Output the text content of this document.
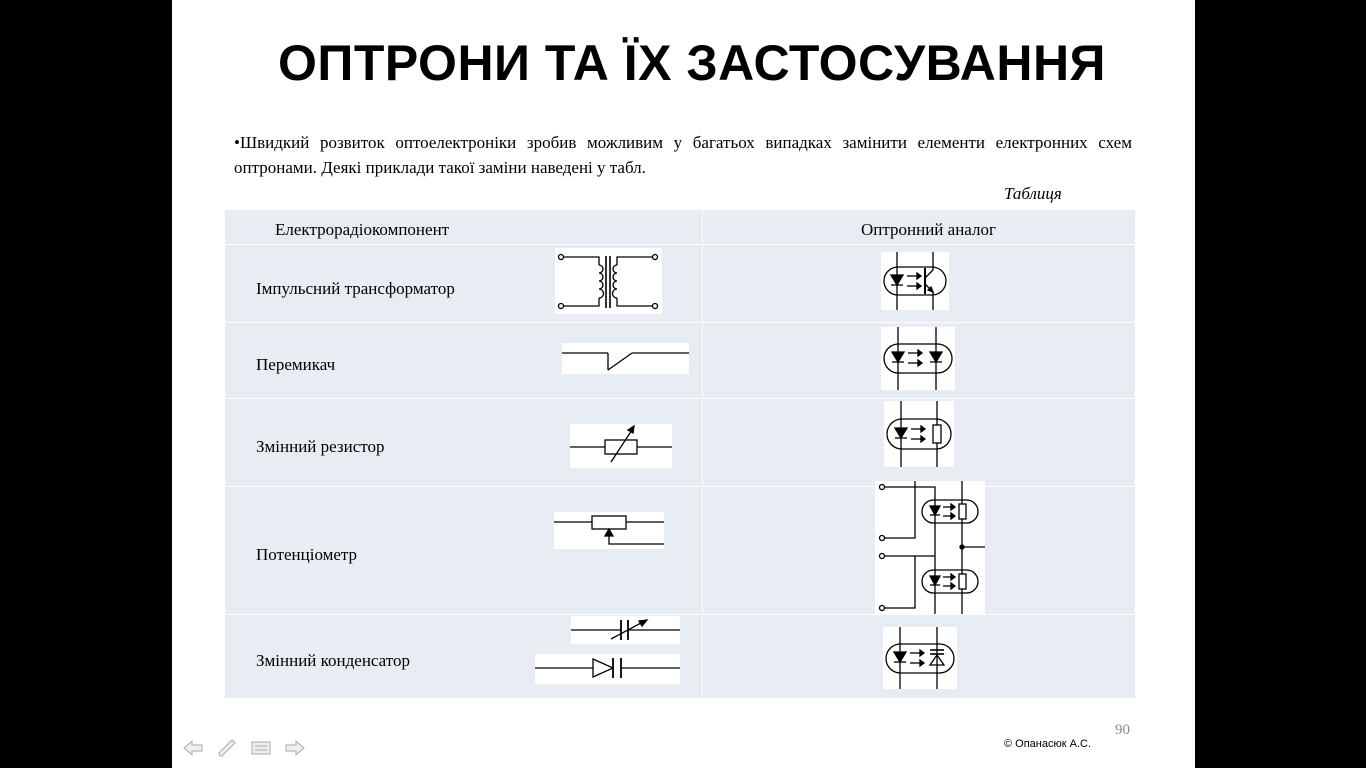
ОПТРОНИ ТА ЇХ ЗАСТОСУВАННЯ

•Швидкий розвиток оптоелектроніки зробив можливим у багатьох випадках замінити елементи електронних схем оптронами. Деякі приклади такої заміни наведені у табл.

Таблиця
Електрорадіокомпонент	Оптронний аналог
Імпульсний трансформатор
Перемикач
Змінний резистор
Потенціометр
Змінний конденсатор
90
© Опанасюк А.С.
